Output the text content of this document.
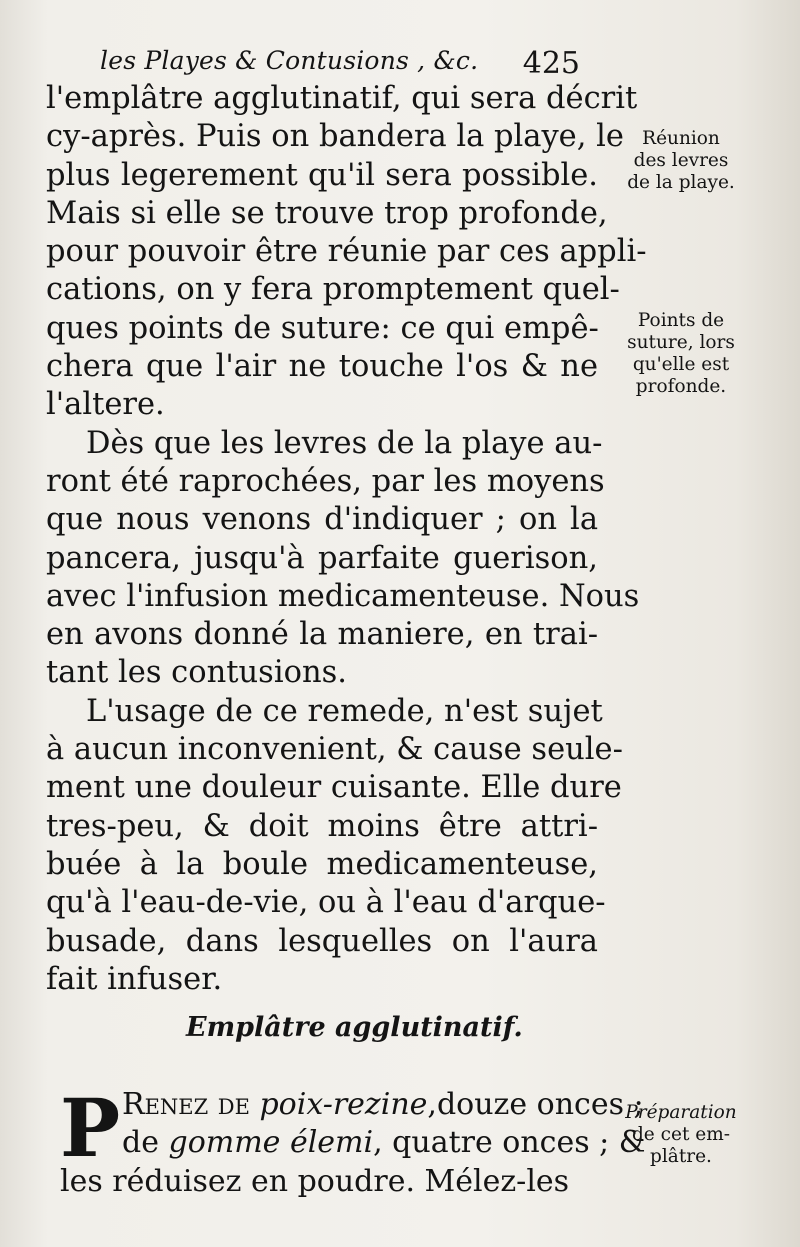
les Playes & Contusions , &c. 425
l'emplâtre agglutinatif, qui sera décrit
cy-après. Puis on bandera la playe, le
plus legerement qu'il sera possible.
Mais si elle se trouve trop profonde,
pour pouvoir être réunie par ces appli-
cations, on y fera promptement quel-
ques points de suture: ce qui empê-
chera que l'air ne touche l'os & ne
l'altere.
Dès que les levres de la playe au-
ront été raprochées, par les moyens
que nous venons d'indiquer ; on la
pancera, jusqu'à parfaite guerison,
avec l'infusion medicamenteuse. Nous
en avons donné la maniere, en trai-
tant les contusions.
L'usage de ce remede, n'est sujet
à aucun inconvenient, & cause seule-
ment une douleur cuisante. Elle dure
tres-peu, & doit moins être attri-
buée à la boule medicamenteuse,
qu'à l'eau-de-vie, ou à l'eau d'arque-
busade, dans lesquelles on l'aura
fait infuser.
Emplâtre agglutinatif.
P Renez de poix-rezine,douze onces ;
de gomme élemi, quatre onces ; &
les réduisez en poudre. Mélez-les
Réunion
des levres
de la playe.
Points de
suture, lors
qu'elle est
profonde.
Préparation
de cet em-
plâtre.
